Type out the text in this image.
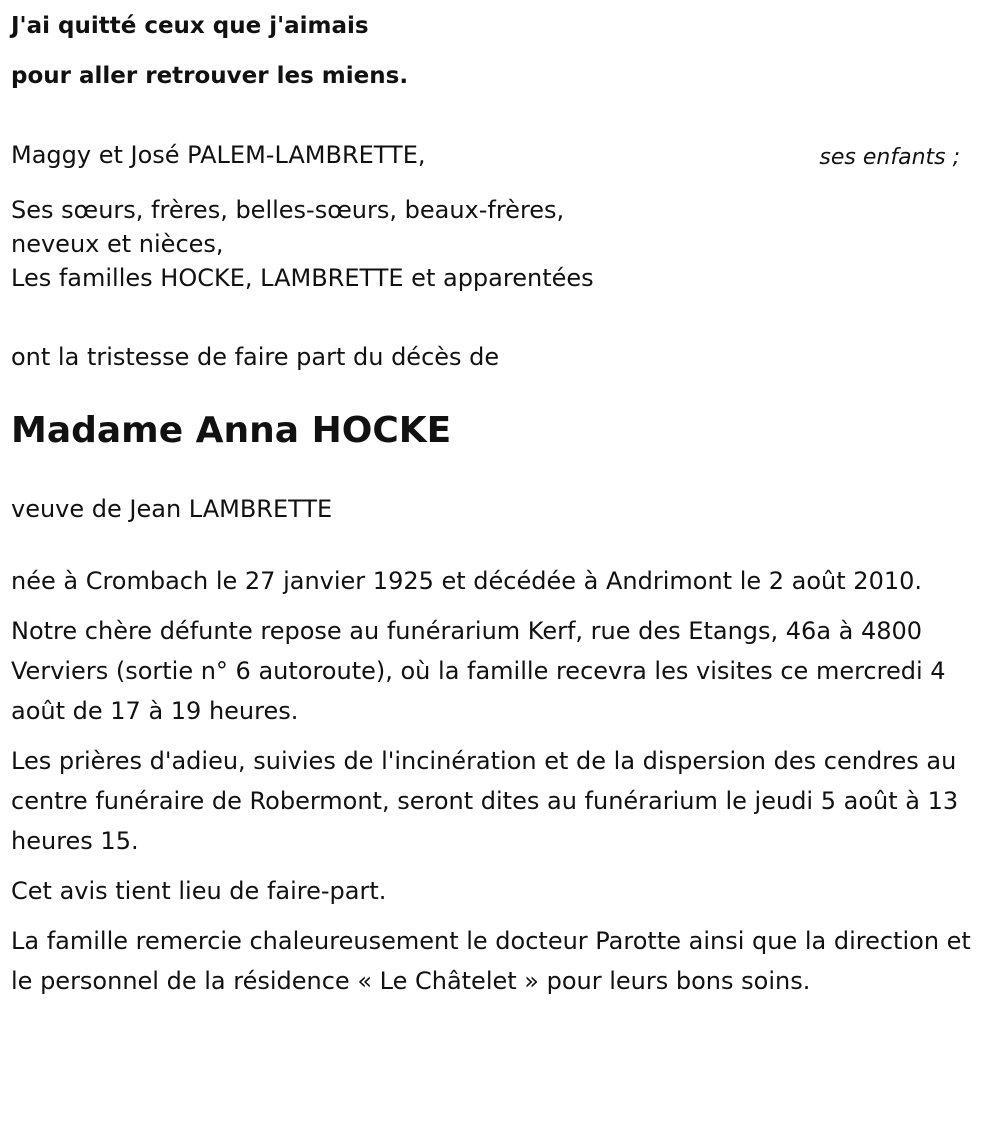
J'ai quitté ceux que j'aimais

pour aller retrouver les miens.

Maggy et José PALEM-LAMBRETTE,	ses enfants ;
Ses sœurs, frères, belles-sœurs, beaux-frères,
neveux et nièces,
Les familles HOCKE, LAMBRETTE et apparentées

ont la tristesse de faire part du décès de

Madame Anna HOCKE

veuve de Jean LAMBRETTE

née à Crombach le 27 janvier 1925 et décédée à Andrimont le 2 août 2010.

Notre chère défunte repose au funérarium Kerf, rue des Etangs, 46a à 4800 Verviers (sortie n° 6 autoroute), où la famille recevra les visites ce mercredi 4 août de 17 à 19 heures.

Les prières d'adieu, suivies de l'incinération et de la dispersion des cendres au centre funéraire de Robermont, seront dites au funérarium le jeudi 5 août à 13 heures 15.

Cet avis tient lieu de faire-part.

La famille remercie chaleureusement le docteur Parotte ainsi que la direction et le personnel de la résidence « Le Châtelet » pour leurs bons soins.
